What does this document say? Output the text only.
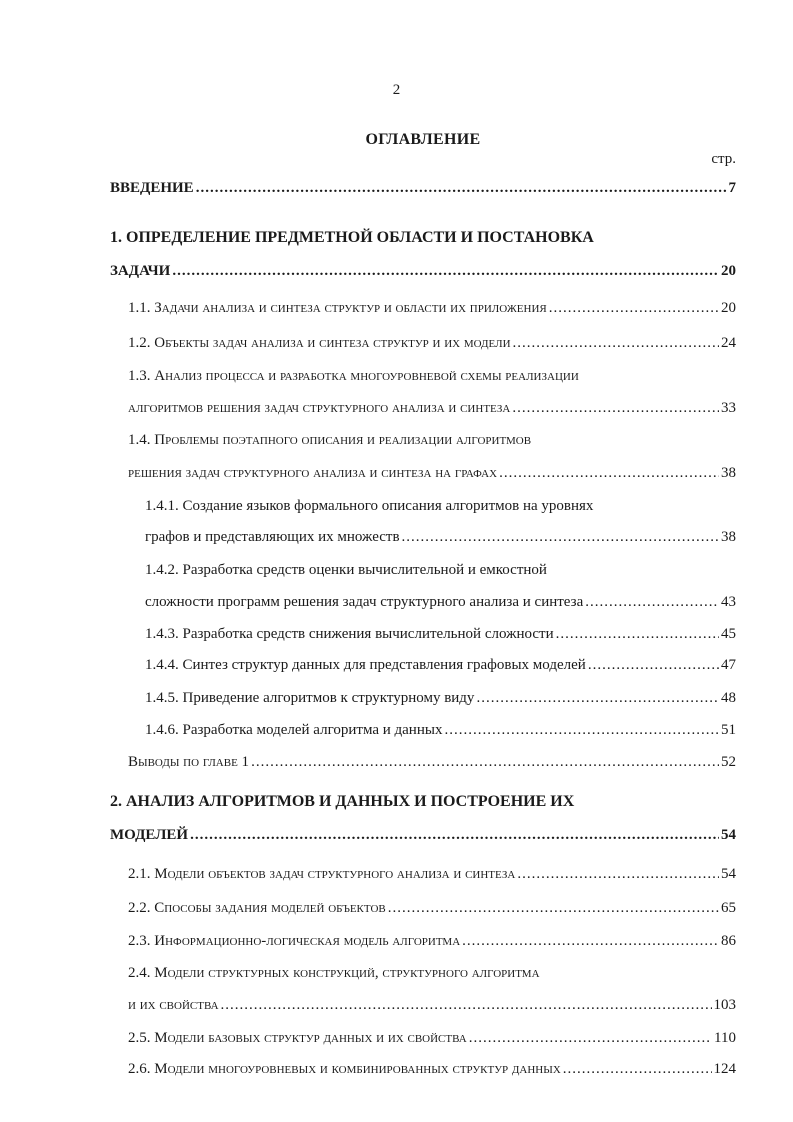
2
ОГЛАВЛЕНИЕ
стр.
ВВЕДЕНИЕ .....	7
1. ОПРЕДЕЛЕНИЕ ПРЕДМЕТНОЙ ОБЛАСТИ И ПОСТАНОВКА
ЗАДАЧИ .....	20
1.1. Задачи анализа и синтеза структур и области их приложения .....	20
1.2. Объекты задач анализа и синтеза структур и их модели .....	24
1.3. Анализ процесса и разработка многоуровневой схемы реализации
алгоритмов решения задач структурного анализа и синтеза .....	33
1.4. Проблемы поэтапного описания и реализации алгоритмов
решения задач структурного анализа и синтеза на графах .....	38
1.4.1. Создание языков формального описания алгоритмов на уровнях
графов и представляющих их множеств .....	38
1.4.2. Разработка средств оценки вычислительной и емкостной
сложности программ решения задач структурного анализа и синтеза .....	43
1.4.3. Разработка средств снижения вычислительной сложности .....	45
1.4.4. Синтез структур данных для представления графовых моделей .....	47
1.4.5. Приведение алгоритмов к структурному виду .....	48
1.4.6. Разработка моделей алгоритма и данных .....	51
Выводы по главе 1 .....	52
2. АНАЛИЗ АЛГОРИТМОВ И ДАННЫХ И ПОСТРОЕНИЕ ИХ
МОДЕЛЕЙ .....	54
2.1. Модели объектов задач структурного анализа и синтеза .....	54
2.2. Способы задания моделей объектов .....	65
2.3. Информационно-логическая модель алгоритма .....	86
2.4. Модели структурных конструкций, структурного алгоритма
и их свойства .....	103
2.5. Модели базовых структур данных и их свойства .....	110
2.6. Модели многоуровневых и комбинированных структур данных .....	124
